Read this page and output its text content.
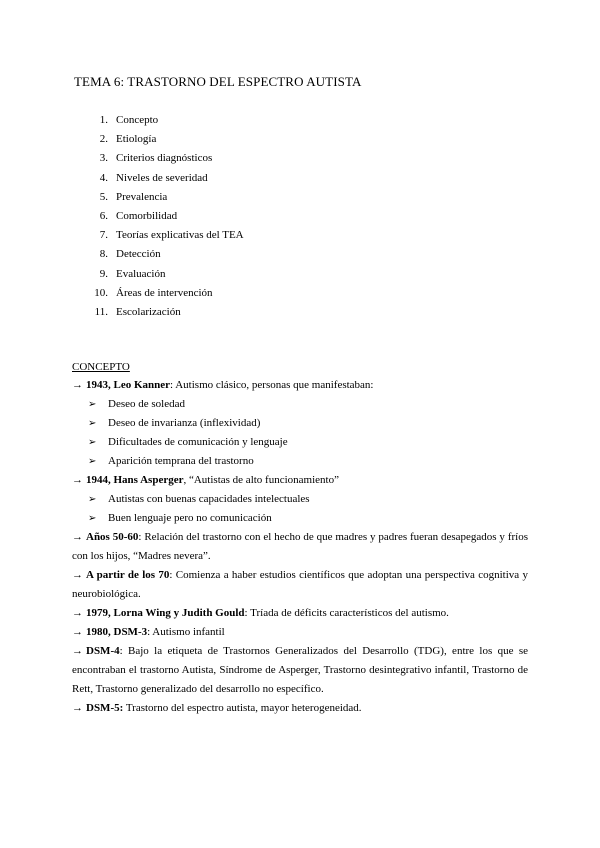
TEMA 6: TRASTORNO DEL ESPECTRO AUTISTA
1. Concepto
2. Etiología
3. Criterios diagnósticos
4. Niveles de severidad
5. Prevalencia
6. Comorbilidad
7. Teorías explicativas del TEA
8. Detección
9. Evaluación
10. Áreas de intervención
11. Escolarización
CONCEPTO
→ 1943, Leo Kanner: Autismo clásico, personas que manifestaban:
➢	Deseo de soledad
➢	Deseo de invarianza (inflexividad)
➢	Dificultades de comunicación y lenguaje
➢	Aparición temprana del trastorno
→ 1944, Hans Asperger, “Autistas de alto funcionamiento”
➢	Autistas con buenas capacidades intelectuales
➢	Buen lenguaje pero no comunicación
→ Años 50-60: Relación del trastorno con el hecho de que madres y padres fueran desapegados y fríos con los hijos, “Madres nevera”.
→ A partir de los 70: Comienza a haber estudios científicos que adoptan una perspectiva cognitiva y neurobiológica.
→ 1979, Lorna Wing y Judith Gould: Tríada de déficits característicos del autismo.
→ 1980, DSM-3: Autismo infantil
→ DSM-4: Bajo la etiqueta de Trastornos Generalizados del Desarrollo (TDG), entre los que se encontraban el trastorno Autista, Síndrome de Asperger, Trastorno desintegrativo infantil, Trastorno de Rett, Trastorno generalizado del desarrollo no específico.
→ DSM-5: Trastorno del espectro autista, mayor heterogeneidad.
